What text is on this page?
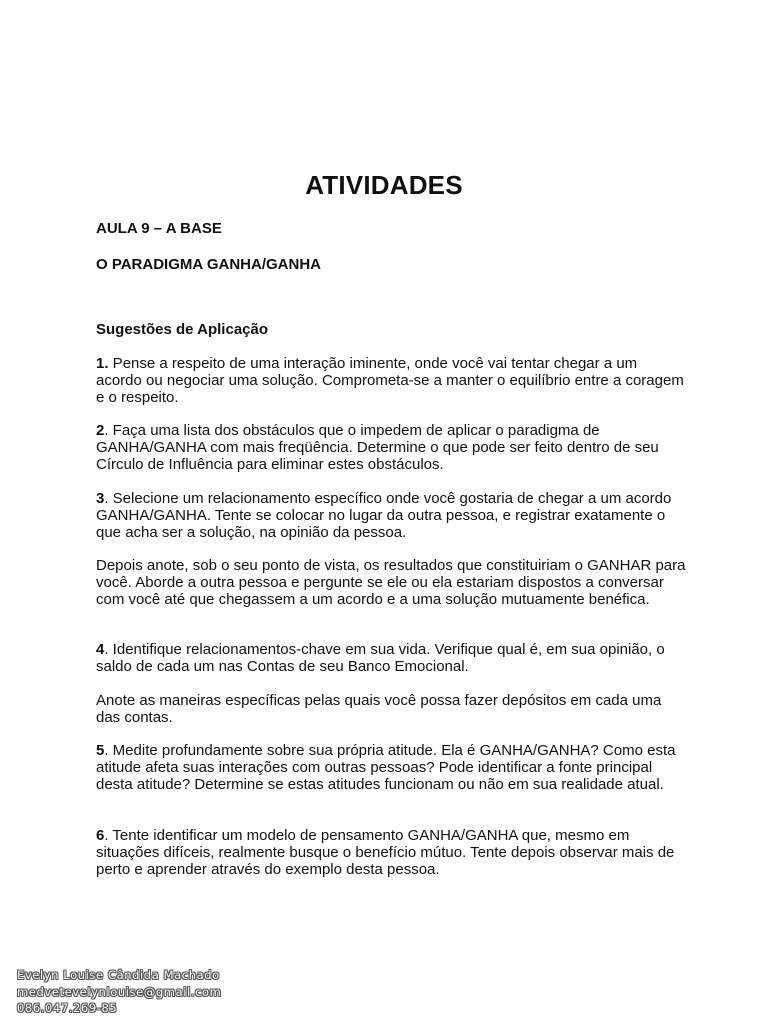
ATIVIDADES
AULA 9 – A BASE
O PARADIGMA GANHA/GANHA
Sugestões de Aplicação
1. Pense a respeito de uma interação iminente, onde você vai tentar chegar a um acordo ou negociar uma solução. Comprometa-se a manter o equilíbrio entre a coragem e o respeito.
2. Faça uma lista dos obstáculos que o impedem de aplicar o paradigma de GANHA/GANHA com mais freqüência. Determine o que pode ser feito dentro de seu Círculo de Influência para eliminar estes obstáculos.
3. Selecione um relacionamento específico onde você gostaria de chegar a um acordo GANHA/GANHA. Tente se colocar no lugar da outra pessoa, e registrar exatamente o que acha ser a solução, na opinião da pessoa.
Depois anote, sob o seu ponto de vista, os resultados que constituiriam o GANHAR para você. Aborde a outra pessoa e pergunte se ele ou ela estariam dispostos a conversar com você até que chegassem a um acordo e a uma solução mutuamente benéfica.
4. Identifique relacionamentos-chave em sua vida. Verifique qual é, em sua opinião, o saldo de cada um nas Contas de seu Banco Emocional.
Anote as maneiras específicas pelas quais você possa fazer depósitos em cada uma das contas.
5. Medite profundamente sobre sua própria atitude. Ela é GANHA/GANHA? Como esta atitude afeta suas interações com outras pessoas? Pode identificar a fonte principal desta atitude? Determine se estas atitudes funcionam ou não em sua realidade atual.
6. Tente identificar um modelo de pensamento GANHA/GANHA que, mesmo em situações difíceis, realmente busque o benefício mútuo. Tente depois observar mais de perto e aprender através do exemplo desta pessoa.
Evelyn Louise Cândida Machado
medvetevelynlouise@gmail.com
086.047.269-85
